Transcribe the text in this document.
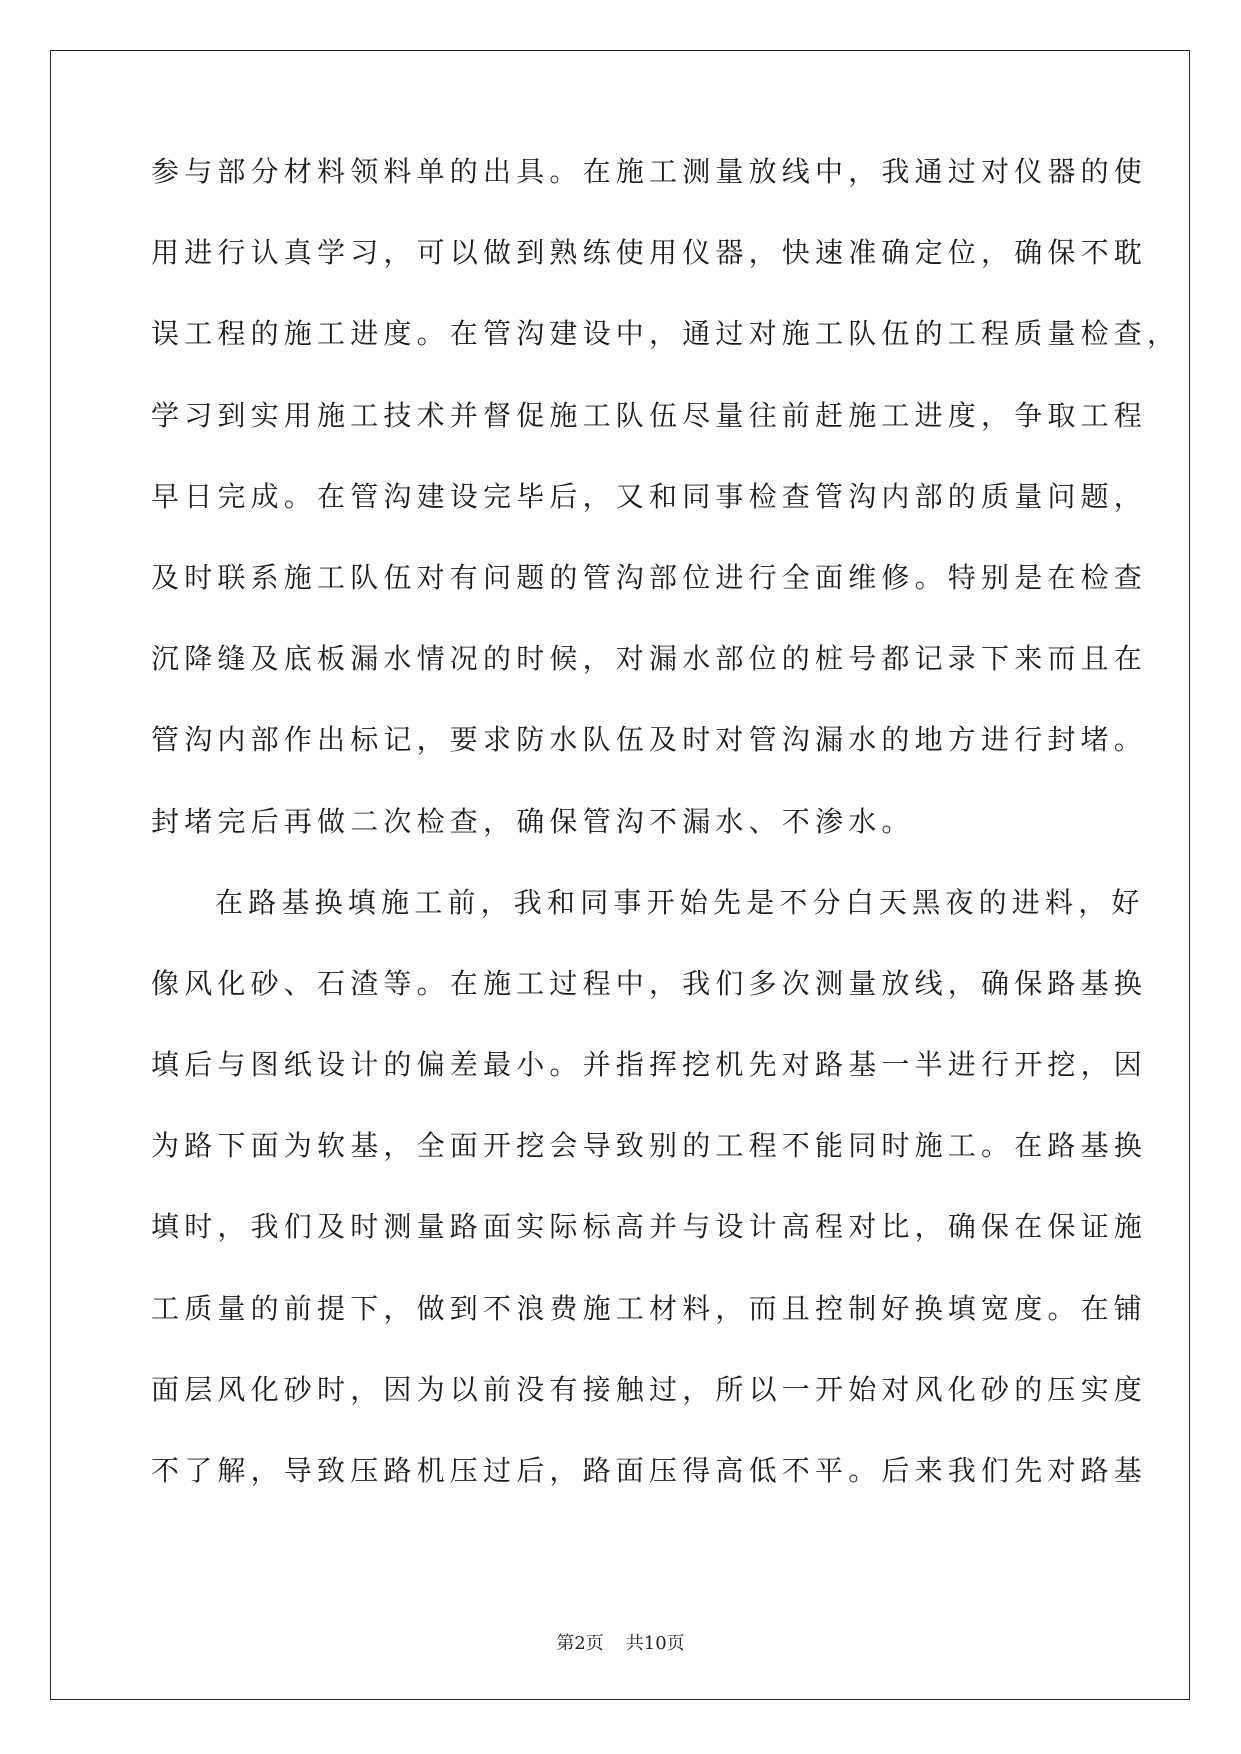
参与部分材料领料单的出具。在施工测量放线中，我通过对仪器的使
用进行认真学习，可以做到熟练使用仪器，快速准确定位，确保不耽
误工程的施工进度。在管沟建设中，通过对施工队伍的工程质量检查，
学习到实用施工技术并督促施工队伍尽量往前赶施工进度，争取工程
早日完成。在管沟建设完毕后，又和同事检查管沟内部的质量问题，
及时联系施工队伍对有问题的管沟部位进行全面维修。特别是在检查
沉降缝及底板漏水情况的时候，对漏水部位的桩号都记录下来而且在
管沟内部作出标记，要求防水队伍及时对管沟漏水的地方进行封堵。
封堵完后再做二次检查，确保管沟不漏水、不渗水。
在路基换填施工前，我和同事开始先是不分白天黑夜的进料，好
像风化砂、石渣等。在施工过程中，我们多次测量放线，确保路基换
填后与图纸设计的偏差最小。并指挥挖机先对路基一半进行开挖，因
为路下面为软基，全面开挖会导致别的工程不能同时施工。在路基换
填时，我们及时测量路面实际标高并与设计高程对比，确保在保证施
工质量的前提下，做到不浪费施工材料，而且控制好换填宽度。在铺
面层风化砂时，因为以前没有接触过，所以一开始对风化砂的压实度
不了解，导致压路机压过后，路面压得高低不平。后来我们先对路基
第2页 共10页
